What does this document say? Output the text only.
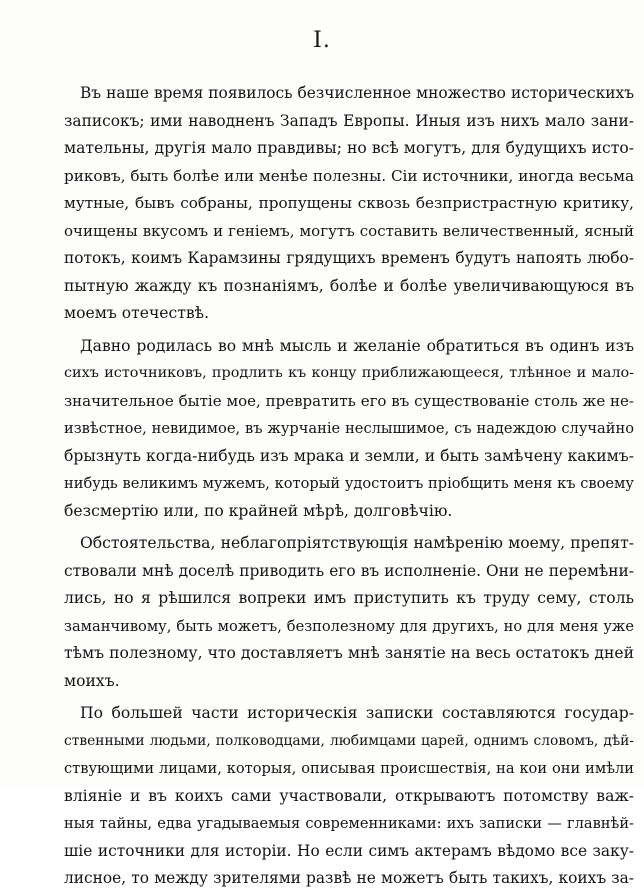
I.
Въ наше время появилось безчисленное множество историческихъ
записокъ; ими наводненъ Западъ Европы. Иныя изъ нихъ мало зани-
мательны, другія мало правдивы; но всѣ могутъ, для будущихъ исто-
риковъ, быть болѣе или менѣе полезны. Сіи источники, иногда весьма
мутные, бывъ собраны, пропущены сквозь безпристрастную критику,
очищены вкусомъ и геніемъ, могутъ составить величественный, ясный
потокъ, коимъ Карамзины грядущихъ временъ будутъ напоять любо-
пытную жажду къ познаніямъ, болѣе и болѣе увеличивающуюся въ
моемъ отечествѣ.
Давно родилась во мнѣ мысль и желаніе обратиться въ одинъ изъ
сихъ источниковъ, продлить къ концу приближающееся, тлѣнное и мало-
значительное бытіе мое, превратить его въ существованіе столь же не-
извѣстное, невидимое, въ журчаніе неслышимое, съ надеждою случайно
брызнуть когда-нибудь изъ мрака и земли, и быть замѣчену какимъ-
нибудь великимъ мужемъ, который удостоитъ пріобщить меня къ своему
безсмертію или, по крайней мѣрѣ, долговѣчію.
Обстоятельства, неблагопріятствующія намѣренію моему, препят-
ствовали мнѣ доселѣ приводить его въ исполненіе. Они не перемѣни-
лись, но я рѣшился вопреки имъ приступить къ труду сему, столь
заманчивому, быть можетъ, безполезному для другихъ, но для меня уже
тѣмъ полезному, что доставляетъ мнѣ занятіе на весь остатокъ дней
моихъ.
По большей части историческія записки составляются государ-
ственными людьми, полководцами, любимцами царей, однимъ словомъ, дѣй-
ствующими лицами, которыя, описывая происшествія, на кои они имѣли
вліяніе и въ коихъ сами участвовали, открываютъ потомству важ-
ныя тайны, едва угадываемыя современниками: ихъ записки — главнѣй-
шіе источники для исторіи. Но если симъ актерамъ вѣдомо все заку-
лисное, то между зрителями развѣ не можетъ быть такихъ, коихъ за-
